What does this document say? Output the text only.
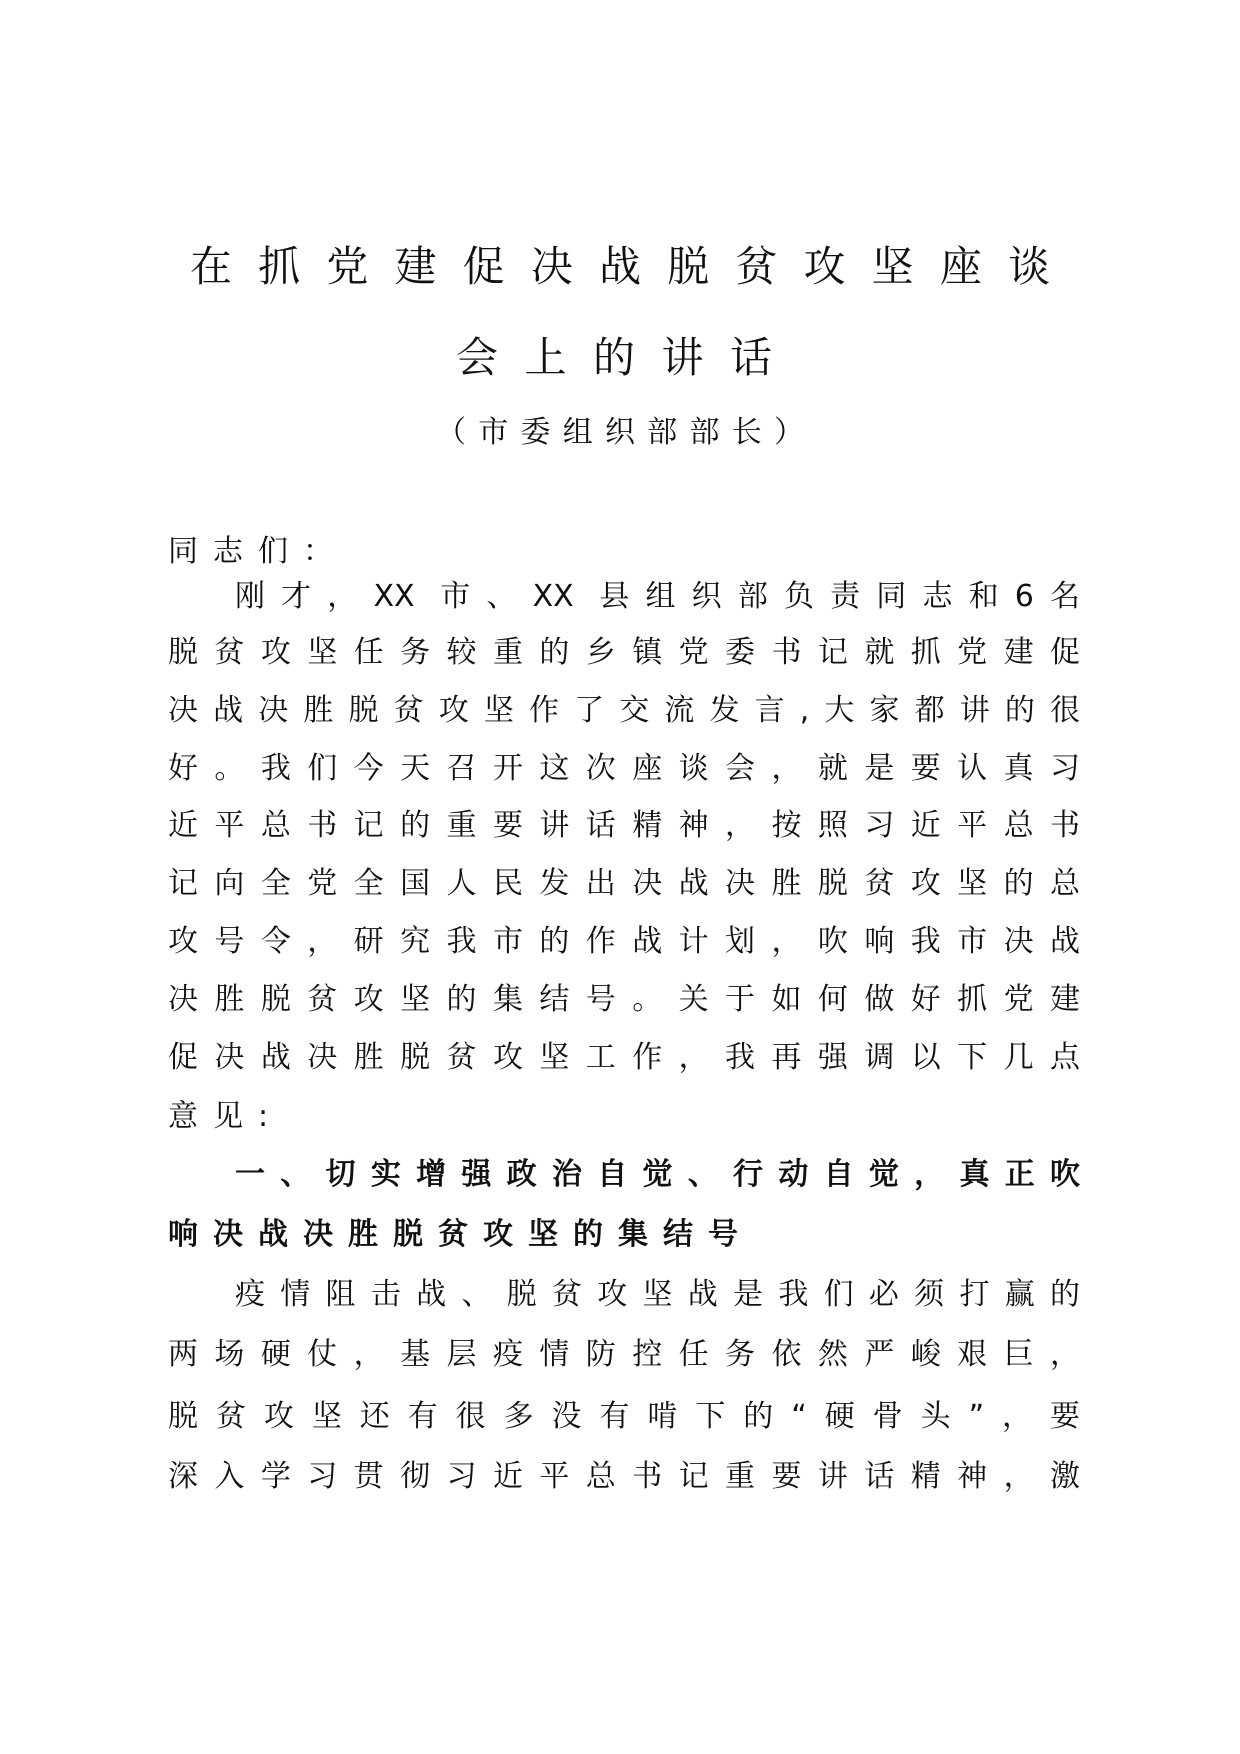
在抓党建促决战脱贫攻坚座谈
会上的讲话
（市委组织部部长）
同志们：
刚才，XX 市、XX 县组织部负责同志和6名
脱贫攻坚任务较重的乡镇党委书记就抓党建促
决战决胜脱贫攻坚作了交流发言,大家都讲的很
好。我们今天召开这次座谈会，就是要认真习
近平总书记的重要讲话精神，按照习近平总书
记向全党全国人民发出决战决胜脱贫攻坚的总
攻号令，研究我市的作战计划，吹响我市决战
决胜脱贫攻坚的集结号。关于如何做好抓党建
促决战决胜脱贫攻坚工作，我再强调以下几点
意见:
一、切实增强政治自觉、行动自觉，真正吹
响决战决胜脱贫攻坚的集结号
疫情阻击战、脱贫攻坚战是我们必须打赢的
两场硬仗，基层疫情防控任务依然严峻艰巨，
脱贫攻坚还有很多没有啃下的“硬骨头”，要
深入学习贯彻习近平总书记重要讲话精神，激
